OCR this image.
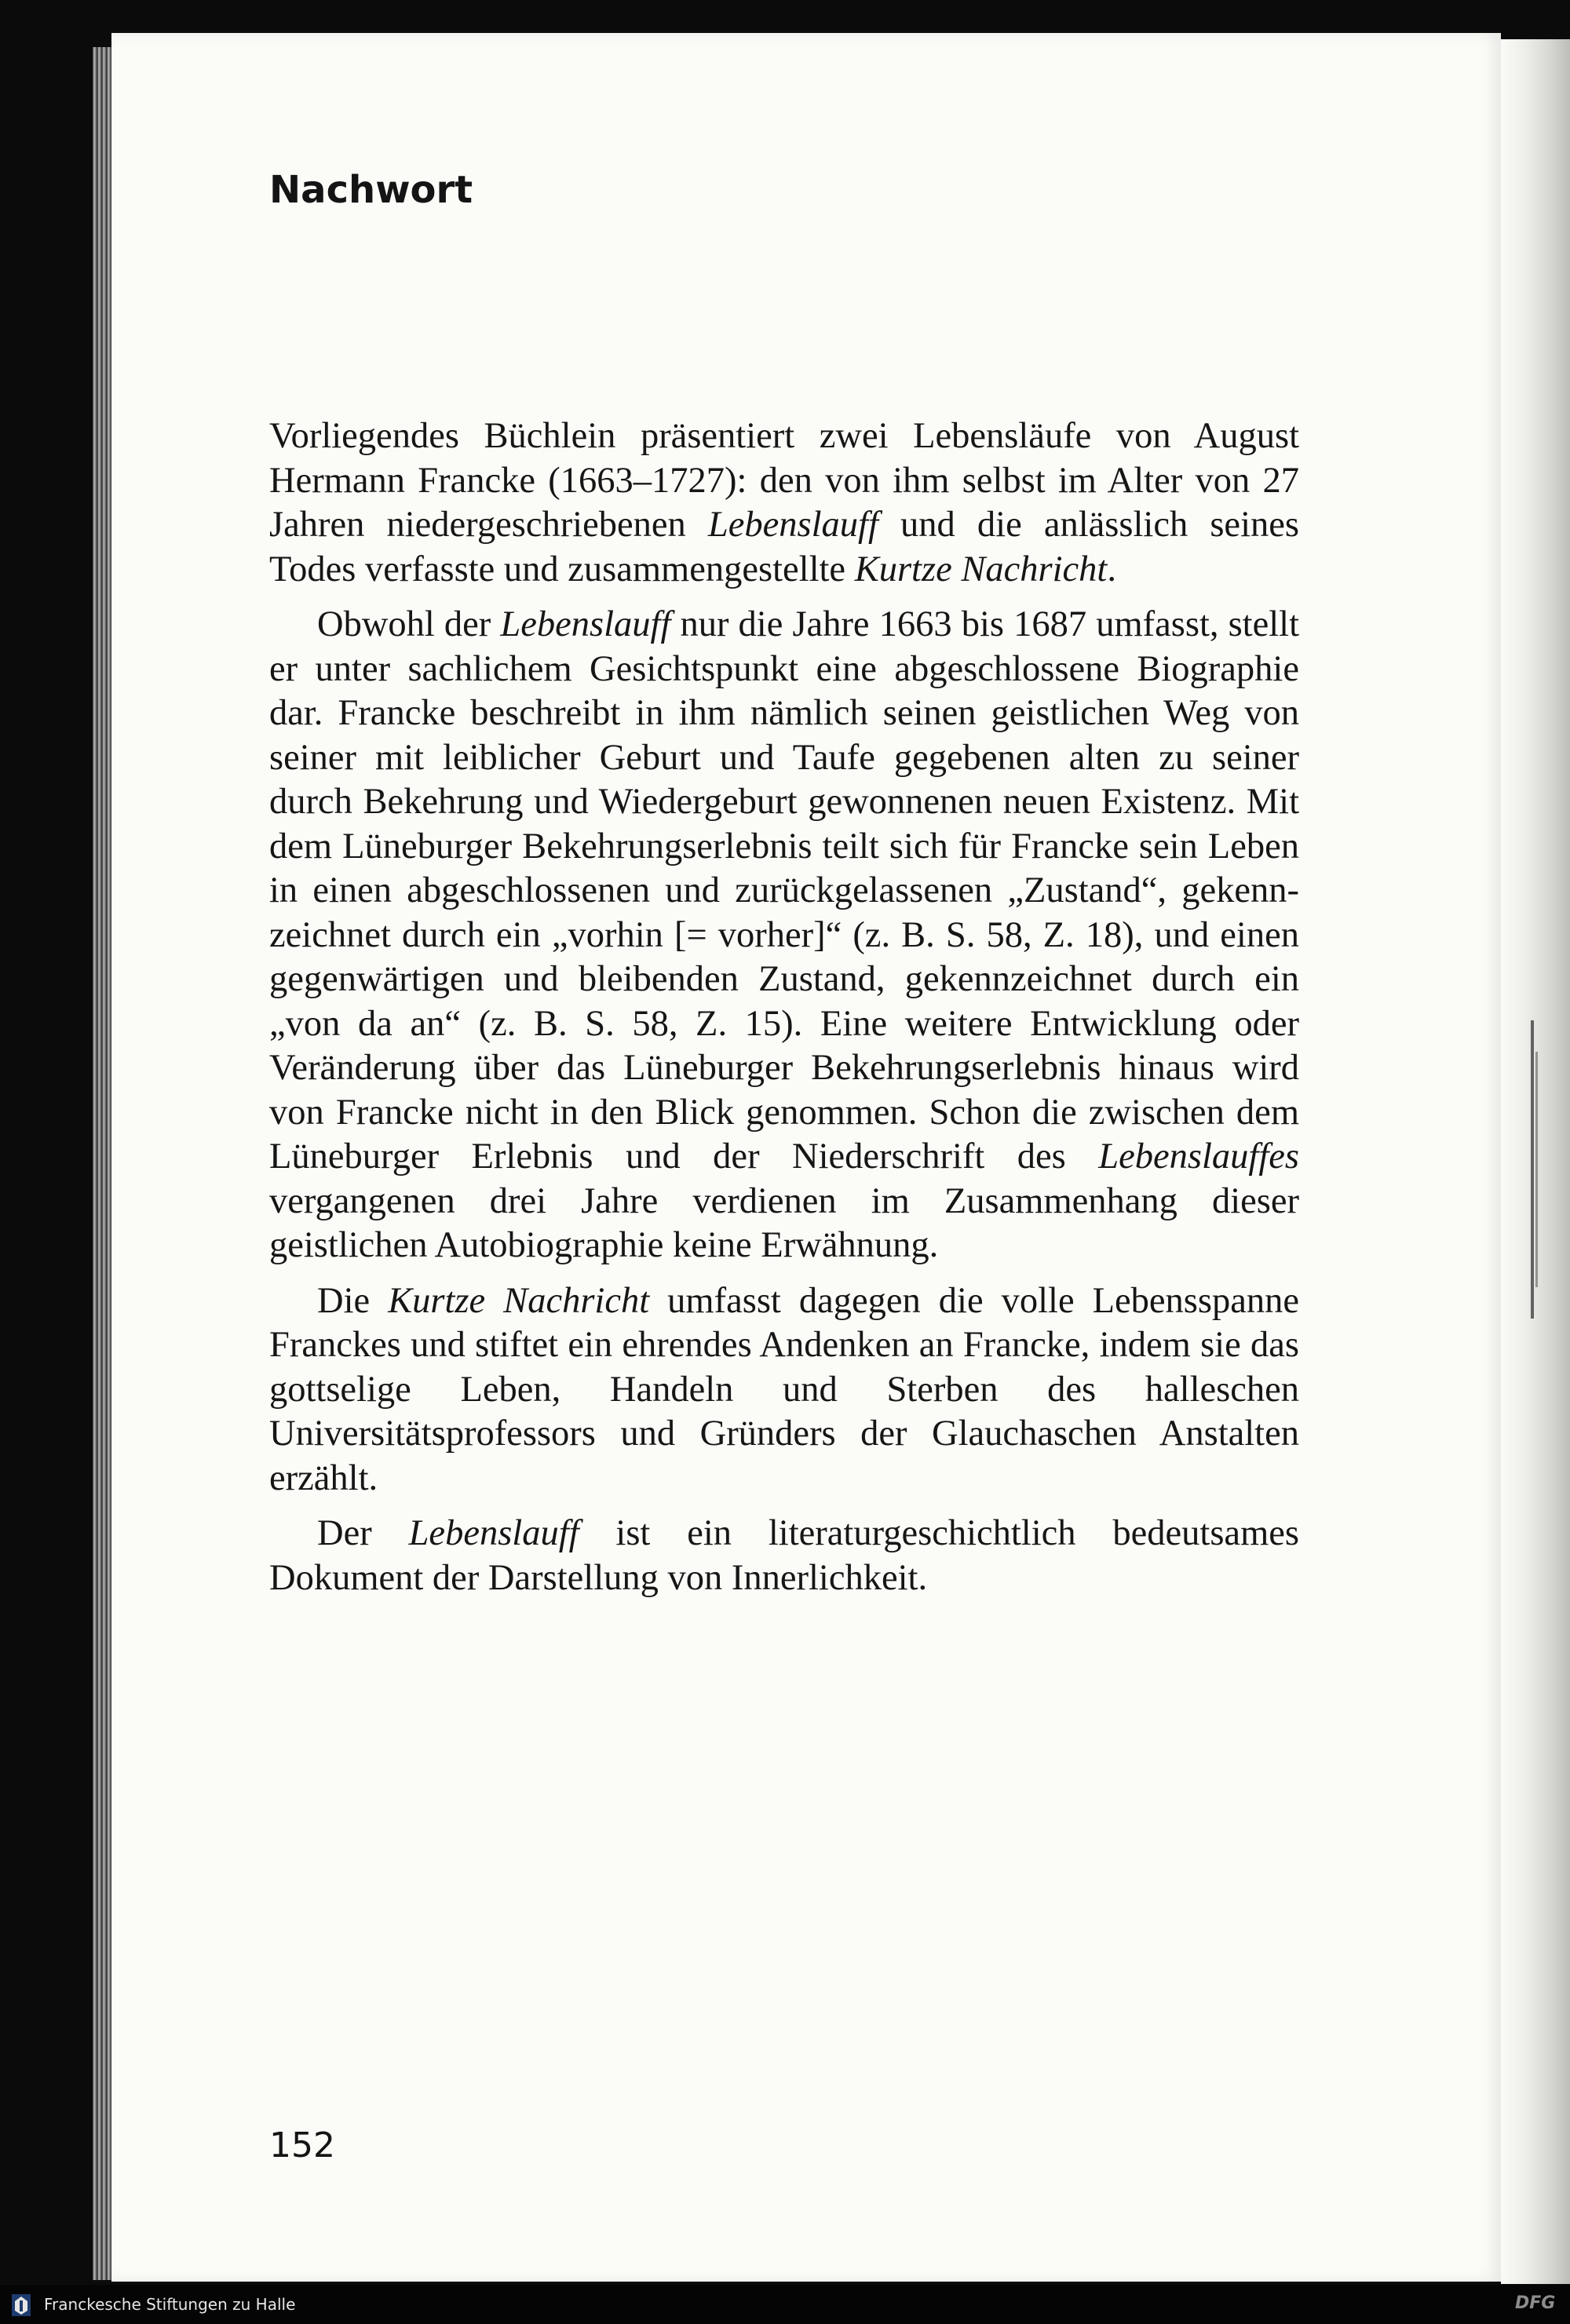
Nachwort

Vorliegendes Büchlein präsentiert zwei Lebensläufe von August Hermann Francke (1663–1727): den von ihm selbst im Alter von 27 Jahren niedergeschriebenen Lebenslauff und die anlässlich seines Todes verfasste und zusammengestellte Kurtze Nachricht.

Obwohl der Lebenslauff nur die Jahre 1663 bis 1687 umfasst, stellt er unter sachlichem Gesichtspunkt eine abgeschlossene Biographie dar. Francke beschreibt in ihm nämlich seinen geistlichen Weg von seiner mit leiblicher Geburt und Taufe gegebenen alten zu seiner durch Bekehrung und Wiedergeburt gewonnenen neuen Existenz. Mit dem Lüneburger Bekehrungserlebnis teilt sich für Francke sein Leben in einen abgeschlossenen und zurückgelassenen „Zustand“, gekennzeichnet durch ein „vorhin [= vorher]“ (z. B. S. 58, Z. 18), und einen gegenwärtigen und bleibenden Zustand, gekennzeichnet durch ein „von da an“ (z. B. S. 58, Z. 15). Eine weitere Entwicklung oder Veränderung über das Lüneburger Bekehrungserlebnis hinaus wird von Francke nicht in den Blick genommen. Schon die zwischen dem Lüneburger Erlebnis und der Niederschrift des Lebenslauffes vergangenen drei Jahre verdienen im Zusammenhang dieser geistlichen Autobiographie keine Erwähnung.

Die Kurtze Nachricht umfasst dagegen die volle Lebensspanne Franckes und stiftet ein ehrendes Andenken an Francke, indem sie das gottselige Leben, Handeln und Sterben des halleschen Universitätsprofessors und Gründers der Glauchaschen Anstalten erzählt.

Der Lebenslauff ist ein literaturgeschichtlich bedeutsames Dokument der Darstellung von Innerlichkeit.

152
Franckesche Stiftungen zu Halle	DFG
